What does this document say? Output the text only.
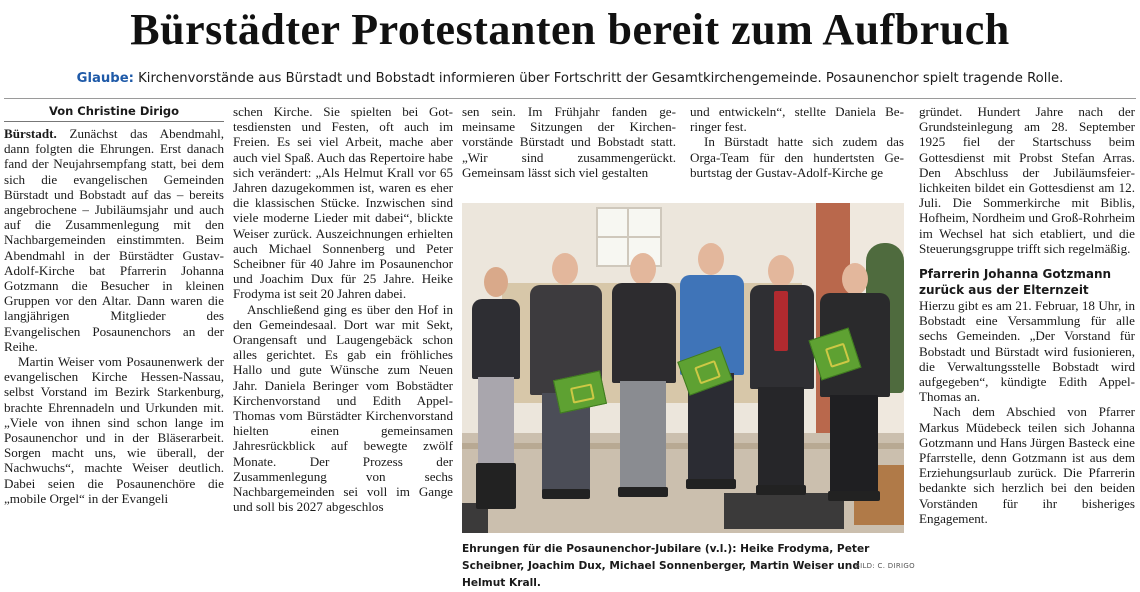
Bürstädter Protestanten bereit zum Aufbruch
Glaube: Kirchenvorstände aus Bürstadt und Bobstadt informieren über Fortschritt der Gesamtkirchengemeinde. Posaunenchor spielt tragende Rolle.
Von Christine Dirigo

Bürstadt. Zunächst das Abendmahl, dann folgten die Ehrungen. Erst danach fand der Neujahrsempfang statt, bei dem sich die evangelischen Gemeinden Bürstadt und Bobstadt auf das – bereits angebrochene – Jubiläumsjahr und auch auf die Zusammenlegung mit den Nachbargemeinden einstimmten. Beim Abendmahl in der Bürstädter Gustav-Adolf-Kirche bat Pfarrerin Johanna Gotzmann die Besucher in kleinen Gruppen vor den Altar. Dann waren die langjährigen Mitglieder des Evangelischen Posaunenchors an der Reihe.

Martin Weiser vom Posaunenwerk der evangelischen Kirche Hessen-Nassau, selbst Vorstand im Bezirk Starkenburg, brachte Ehrennadeln und Urkunden mit. „Viele von ihnen sind schon lange im Posaunenchor und in der Bläserarbeit. Sorgen macht uns, wie überall, der Nachwuchs“, machte Weiser deutlich. Dabei seien die Posaunenchöre die „mobile Orgel“ in der Evangeli

schen Kirche. Sie spielten bei Gottesdiensten und Festen, oft auch im Freien. Es sei viel Arbeit, mache aber auch viel Spaß. Auch das Repertoire habe sich verändert: „Als Helmut Krall vor 65 Jahren dazugekommen ist, waren es eher die klassischen Stücke. Inzwischen sind viele moderne Lieder mit dabei“, blickte Weiser zurück. Auszeichnungen erhielten auch Michael Sonnenberg und Peter Scheibner für 40 Jahre im Posaunenchor und Joachim Dux für 25 Jahre. Heike Frodyma ist seit 20 Jahren dabei.

Anschließend ging es über den Hof in den Gemeindesaal. Dort war mit Sekt, Orangensaft und Laugengebäck schon alles gerichtet. Es gab ein fröhliches Hallo und gute Wünsche zum Neuen Jahr. Daniela Beringer vom Bobstädter Kirchenvorstand und Edith Appel-Thomas vom Bürstädter Kirchenvorstand hielten einen gemeinsamen Jahresrückblick auf bewegte zwölf Monate. Der Prozess der Zusammenlegung von sechs Nachbargemeinden sei voll im Gange und soll bis 2027 abgeschlos

sen sein. Im Frühjahr fanden gemeinsame Sitzungen der Kirchenvorstände Bürstadt und Bobstadt statt. „Wir sind zusammengerückt. Gemeinsam lässt sich viel gestalten

und entwickeln“, stellte Daniela Beringer fest.

In Bürstadt hatte sich zudem das Orga-Team für den hundertsten Geburtstag der Gustav-Adolf-Kirche ge

gründet. Hundert Jahre nach der Grundsteinlegung am 28. September 1925 fiel der Startschuss beim Gottesdienst mit Probst Stefan Arras. Den Abschluss der Jubiläumsfeierlichkeiten bildet ein Gottesdienst am 12. Juli. Die Sommerkirche mit Biblis, Hofheim, Nordheim und Groß-Rohrheim im Wechsel hat sich etabliert, und die Steuerungsgruppe trifft sich regelmäßig.

Pfarrerin Johanna Gotzmann zurück aus der Elternzeit

Hierzu gibt es am 21. Februar, 18 Uhr, in Bobstadt eine Versammlung für alle sechs Gemeinden. „Der Vorstand für Bobstadt und Bürstadt wird fusionieren, die Verwaltungsstelle Bobstadt wird aufgegeben“, kündigte Edith Appel-Thomas an.

Nach dem Abschied von Pfarrer Markus Müdebeck teilen sich Johanna Gotzmann und Hans Jürgen Basteck eine Pfarrstelle, denn Gotzmann ist aus dem Erziehungsurlaub zurück. Die Pfarrerin bedankte sich herzlich bei den beiden Vorständen für ihr bisheriges Engagement.

Ehrungen für die Posaunenchor-Jubilare (v.l.): Heike Frodyma, Peter Scheibner, Joachim Dux, Michael Sonnenberger, Martin Weiser und Helmut Krall.
BILD: C. DIRIGO
